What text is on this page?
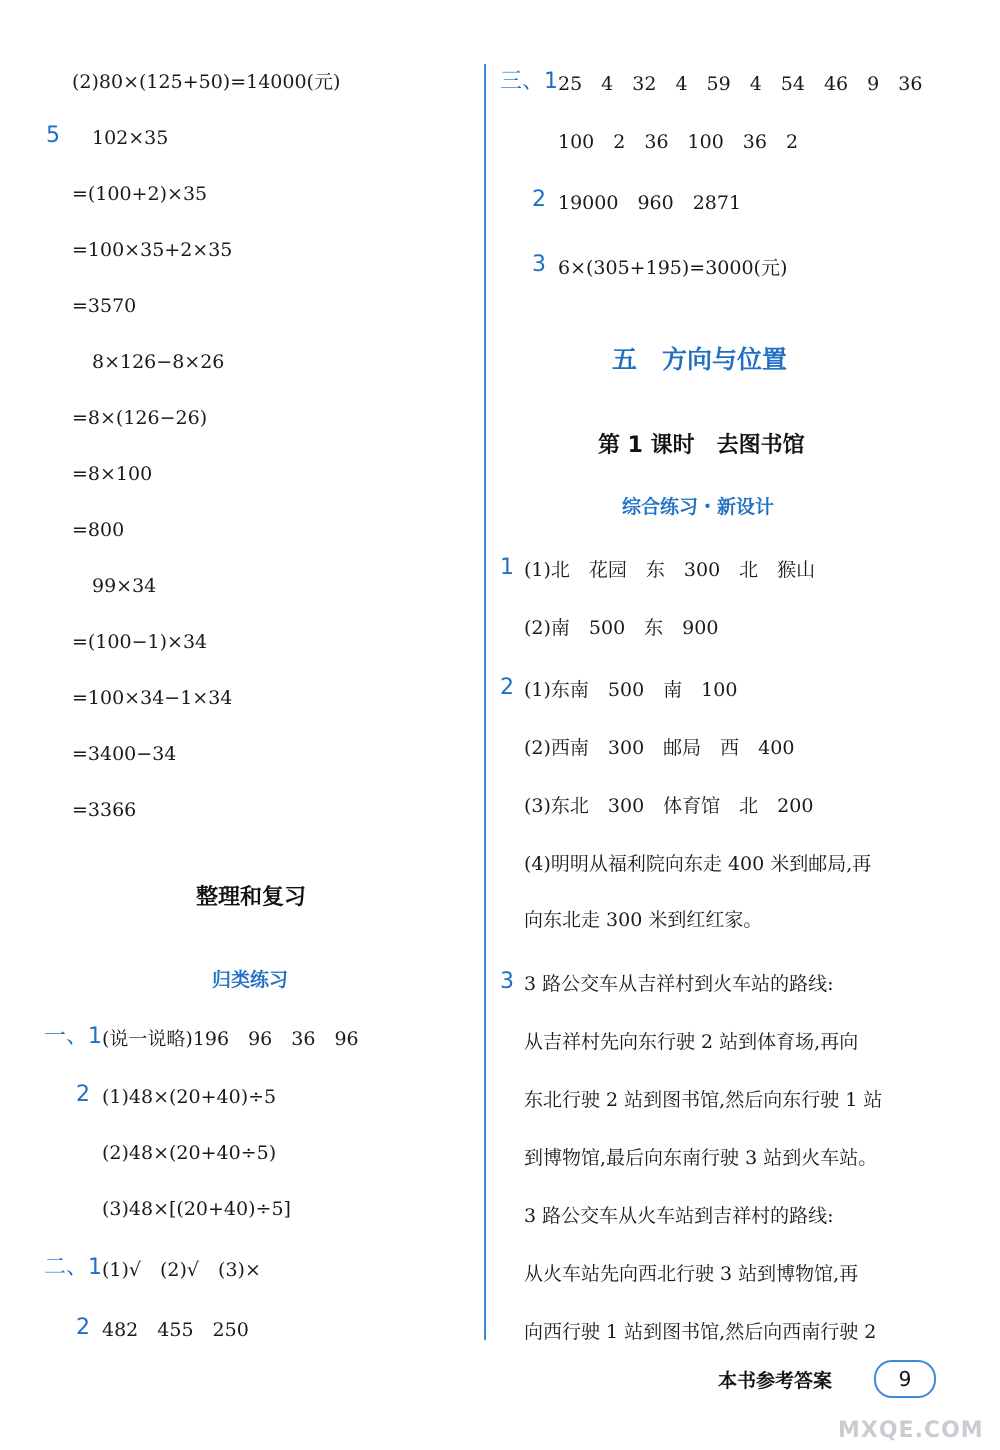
(2)80×(125+50)=14000(元)
5 102×35
=(100+2)×35
=100×35+2×35
=3570
8×126−8×26
=8×(126−26)
=8×100
=800
99×34
=(100−1)×34
=100×34−1×34
=3400−34
=3366
整理和复习
归类练习
一、1 (说一说略)196　96　36　96
2 (1)48×(20+40)÷5
(2)48×(20+40÷5)
(3)48×[(20+40)÷5]
二、1 (1)√　(2)√　(3)×
2 482　455　250
三、1 25　4　32　4　59　4　54　46　9　36
100　2　36　100　36　2
2 19000　960　2871
3 6×(305+195)=3000(元)
五　方向与位置
第 1 课时　去图书馆
综合练习・新设计
1 (1)北　花园　东　300　北　猴山
(2)南　500　东　900
2 (1)东南　500　南　100
(2)西南　300　邮局　西　400
(3)东北　300　体育馆　北　200
(4)明明从福利院向东走 400 米到邮局,再
向东北走 300 米到红红家。
3 3 路公交车从吉祥村到火车站的路线:
从吉祥村先向东行驶 2 站到体育场,再向
东北行驶 2 站到图书馆,然后向东行驶 1 站
到博物馆,最后向东南行驶 3 站到火车站。
3 路公交车从火车站到吉祥村的路线:
从火车站先向西北行驶 3 站到博物馆,再
向西行驶 1 站到图书馆,然后向西南行驶 2
本书参考答案	9
MXQE.COM
